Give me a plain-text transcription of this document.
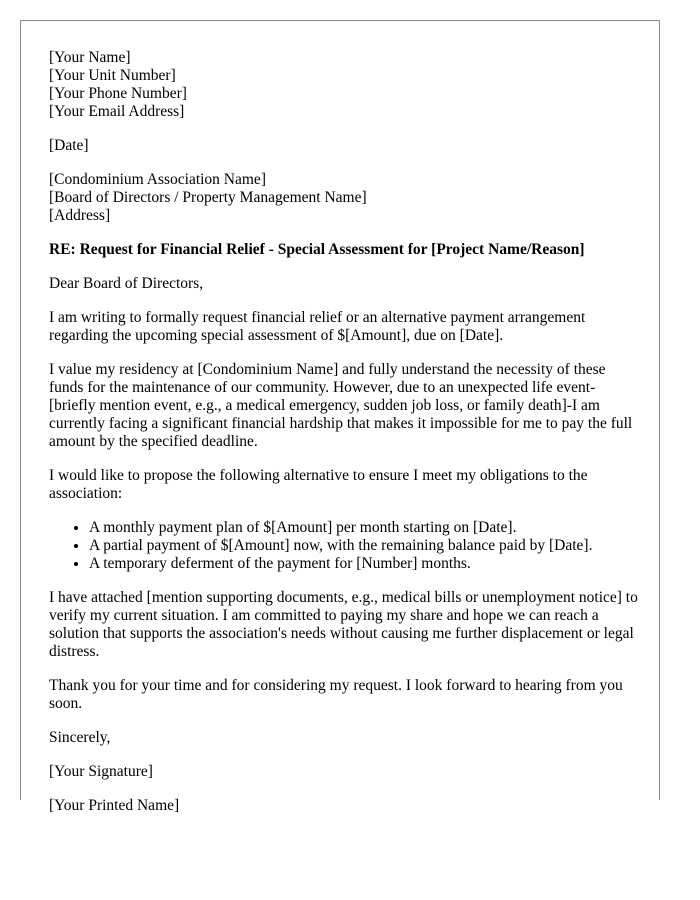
[Your Name]
[Your Unit Number]
[Your Phone Number]
[Your Email Address]
[Date]
[Condominium Association Name]
[Board of Directors / Property Management Name]
[Address]
RE: Request for Financial Relief - Special Assessment for [Project Name/Reason]

Dear Board of Directors,

I am writing to formally request financial relief or an alternative payment arrangement regarding the upcoming special assessment of $[Amount], due on [Date].

I value my residency at [Condominium Name] and fully understand the necessity of these funds for the maintenance of our community. However, due to an unexpected life event-[briefly mention event, e.g., a medical emergency, sudden job loss, or family death]-I am currently facing a significant financial hardship that makes it impossible for me to pay the full amount by the specified deadline.

I would like to propose the following alternative to ensure I meet my obligations to the association:

• A monthly payment plan of $[Amount] per month starting on [Date].
• A partial payment of $[Amount] now, with the remaining balance paid by [Date].
• A temporary deferment of the payment for [Number] months.

I have attached [mention supporting documents, e.g., medical bills or unemployment notice] to verify my current situation. I am committed to paying my share and hope we can reach a solution that supports the association's needs without causing me further displacement or legal distress.

Thank you for your time and for considering my request. I look forward to hearing from you soon.

Sincerely,

[Your Signature]

[Your Printed Name]
